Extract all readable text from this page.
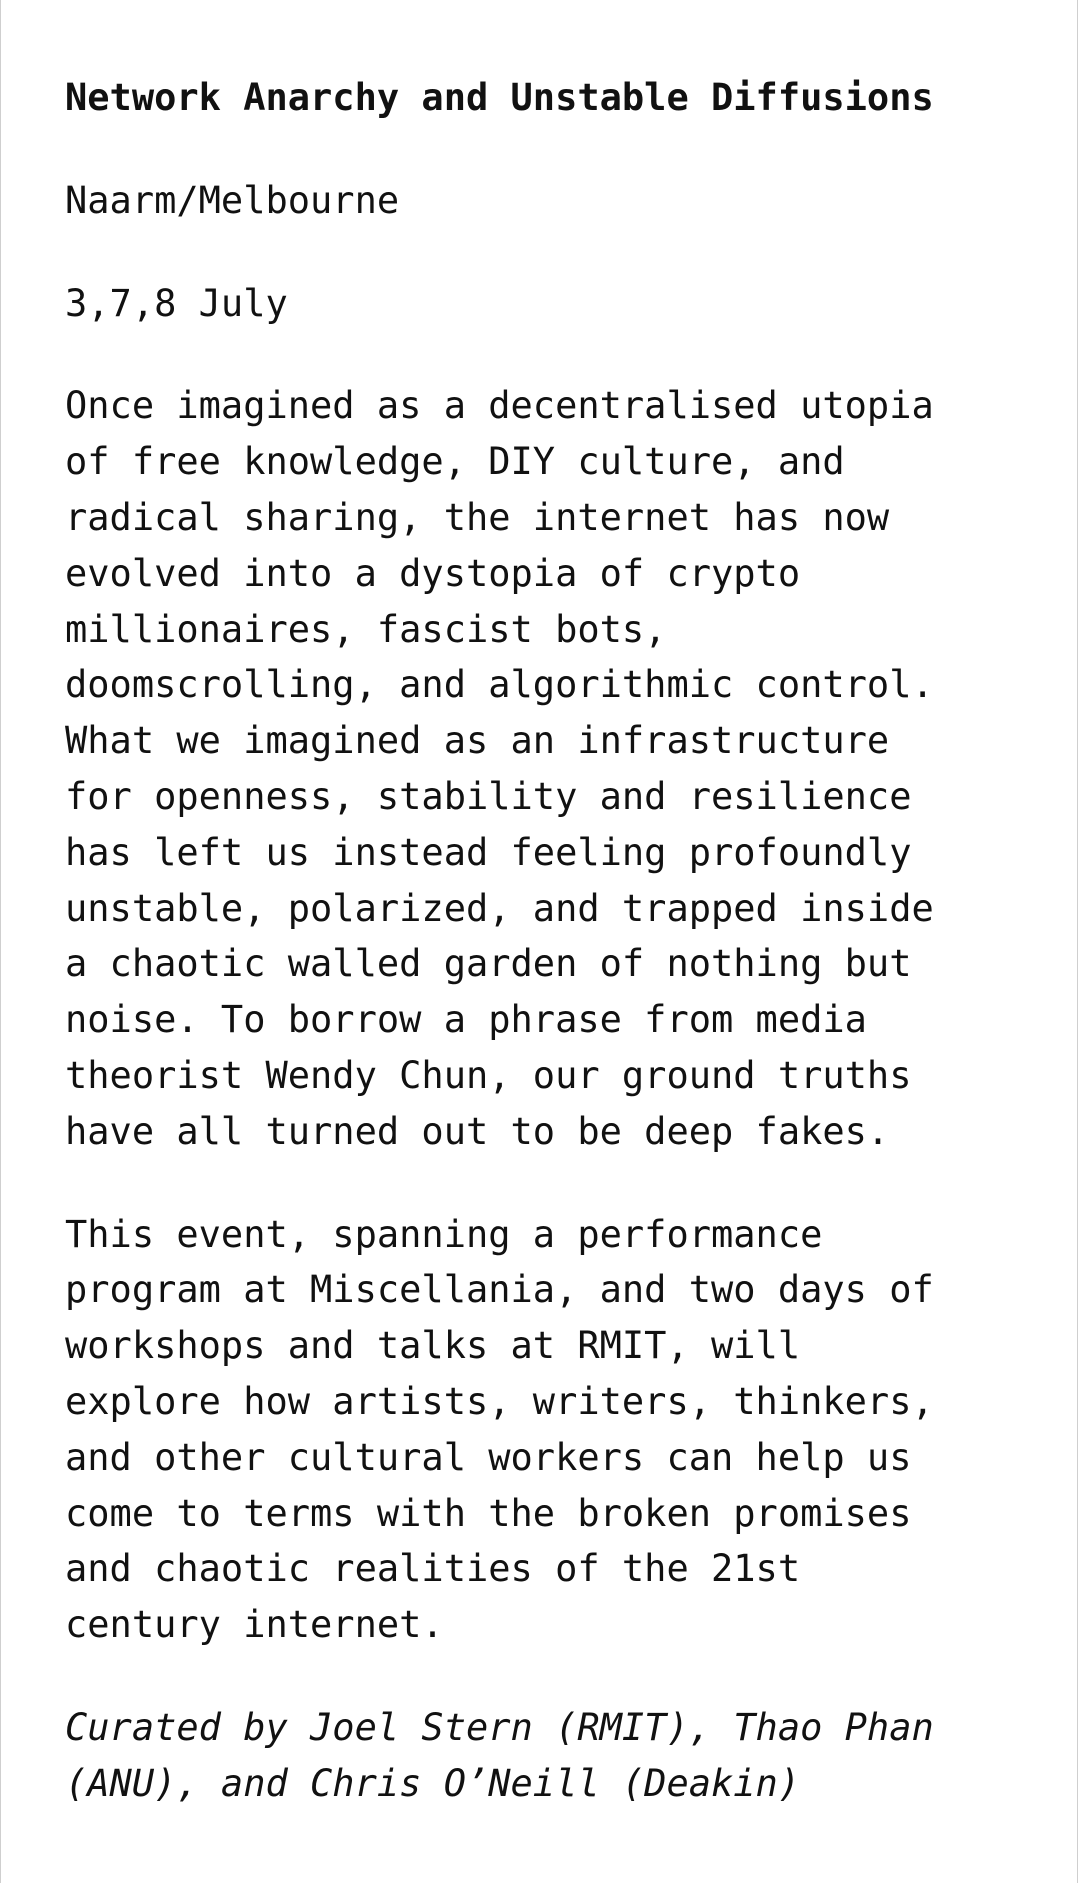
Network Anarchy and Unstable Diffusions

Naarm/Melbourne

3,7,8 July

Once imagined as a decentralised utopia
of free knowledge, DIY culture, and
radical sharing, the internet has now
evolved into a dystopia of crypto
millionaires, fascist bots,
doomscrolling, and algorithmic control.
What we imagined as an infrastructure
for openness, stability and resilience
has left us instead feeling profoundly
unstable, polarized, and trapped inside
a chaotic walled garden of nothing but
noise. To borrow a phrase from media
theorist Wendy Chun, our ground truths
have all turned out to be deep fakes.

This event, spanning a performance
program at Miscellania, and two days of
workshops and talks at RMIT, will
explore how artists, writers, thinkers,
and other cultural workers can help us
come to terms with the broken promises
and chaotic realities of the 21st
century internet.

Curated by Joel Stern (RMIT), Thao Phan
(ANU), and Chris O’Neill (Deakin)
